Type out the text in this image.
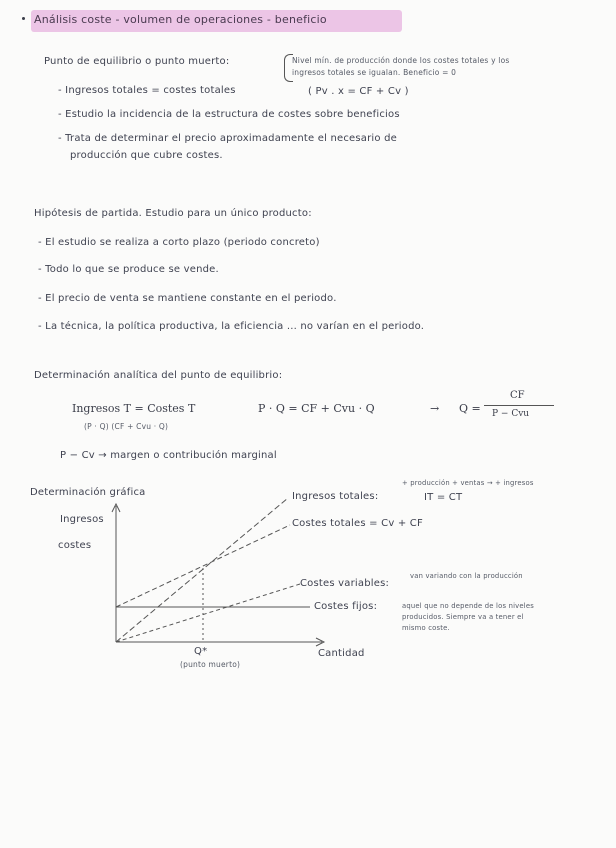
Análisis coste - volumen de operaciones - beneficio
Punto de equilibrio o punto muerto:	Nivel mín. de producción donde los costes totales y los
ingresos totales se igualan. Beneficio = 0
- Ingresos totales = costes totales	( Pv . x = CF + Cv )
- Estudio la incidencia de la estructura de costes sobre beneficios
- Trata de determinar el precio aproximadamente el necesario de
producción que cubre costes.
Hipótesis de partida. Estudio para un único producto:
- El estudio se realiza a corto plazo (periodo concreto)
- Todo lo que se produce se vende.
- El precio de venta se mantiene constante en el periodo.
- La técnica, la política productiva, la eficiencia ... no varían en el periodo.
Determinación analítica del punto de equilibrio:
Ingresos T = Costes T
(P · Q) (CF + Cvu · Q)
P · Q = CF + Cvu · Q	→ Q =
CF
P − Cvu
P − Cv → margen o contribución marginal
Determinación gráfica
Ingresos
costes
Q*
(punto muerto)
Cantidad
Ingresos totales:
+ producción + ventas → + ingresos
IT = CT
Costes totales = Cv + CF
Costes variables:
van variando con la producción
Costes fijos:	aquel que no depende de los niveles
producidos. Siempre va a tener el
mismo coste.
